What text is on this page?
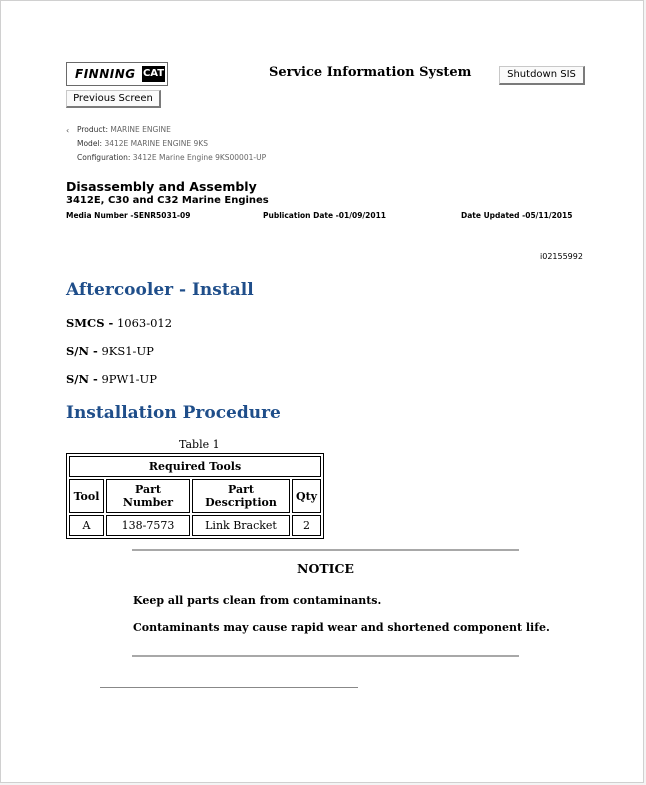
FINNING CAT	Service Information System	Shutdown SIS
Previous Screen
‹ Product: MARINE ENGINE
Model: 3412E MARINE ENGINE 9KS
Configuration: 3412E Marine Engine 9KS00001-UP
Disassembly and Assembly
3412E, C30 and C32 Marine Engines
Media Number -SENR5031-09	Publication Date -01/09/2011	Date Updated -05/11/2015
i02155992
Aftercooler - Install
SMCS - 1063-012
S/N - 9KS1-UP
S/N - 9PW1-UP
Installation Procedure
Table 1
Required Tools			
Tool	Part Number	Part Description	Qty
A	138-7573	Link Bracket	2
NOTICE
Keep all parts clean from contaminants.
Contaminants may cause rapid wear and shortened component life.
